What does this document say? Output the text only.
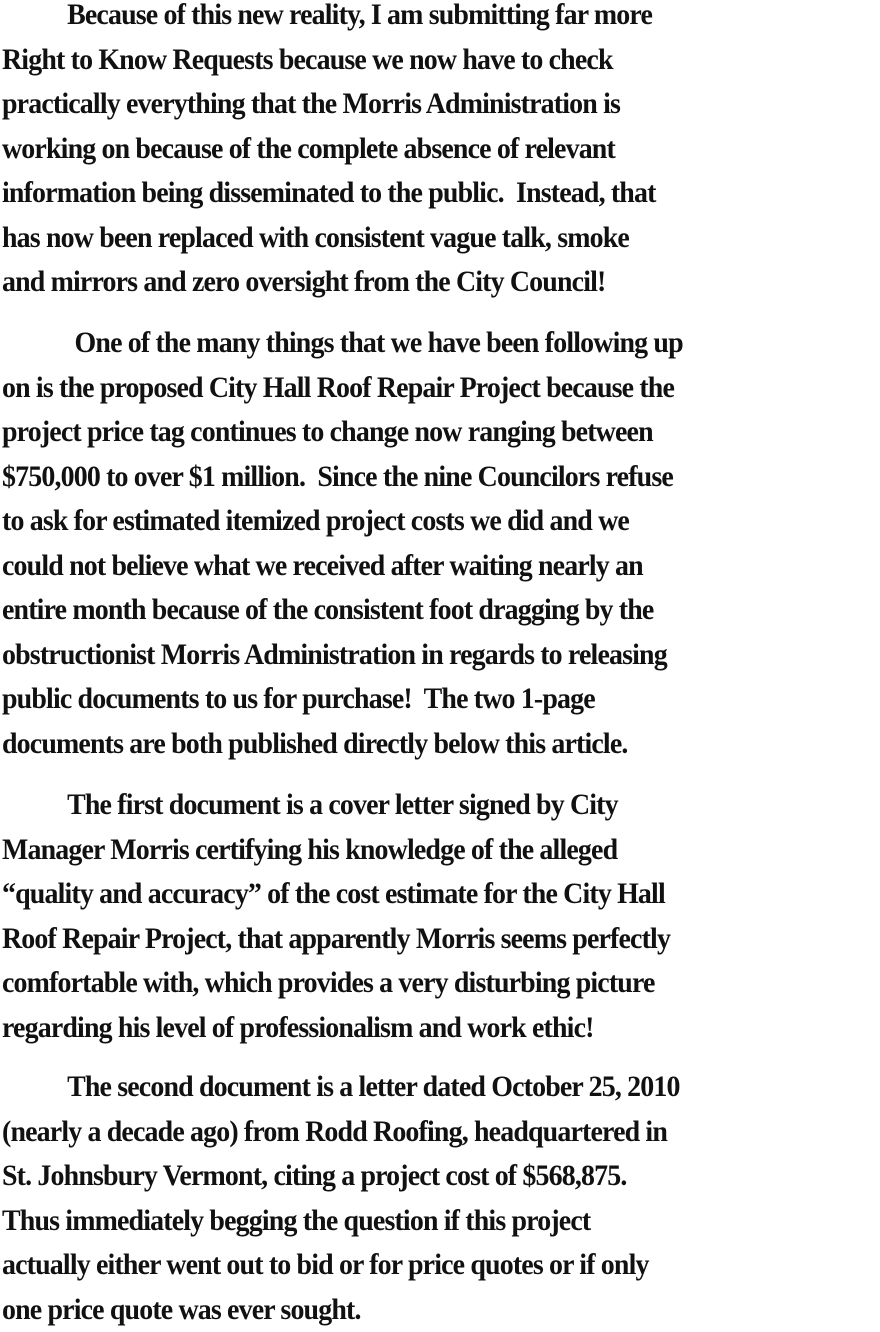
Because of this new reality, I am submitting far more
Right to Know Requests because we now have to check
practically everything that the Morris Administration is
working on because of the complete absence of relevant
information being disseminated to the public.  Instead, that
has now been replaced with consistent vague talk, smoke
and mirrors and zero oversight from the City Council!
One of the many things that we have been following up
on is the proposed City Hall Roof Repair Project because the
project price tag continues to change now ranging between
$750,000 to over $1 million.  Since the nine Councilors refuse
to ask for estimated itemized project costs we did and we
could not believe what we received after waiting nearly an
entire month because of the consistent foot dragging by the
obstructionist Morris Administration in regards to releasing
public documents to us for purchase!  The two 1-page
documents are both published directly below this article.
The first document is a cover letter signed by City
Manager Morris certifying his knowledge of the alleged
“quality and accuracy” of the cost estimate for the City Hall
Roof Repair Project, that apparently Morris seems perfectly
comfortable with, which provides a very disturbing picture
regarding his level of professionalism and work ethic!
The second document is a letter dated October 25, 2010
(nearly a decade ago) from Rodd Roofing, headquartered in
St. Johnsbury Vermont, citing a project cost of $568,875.
Thus immediately begging the question if this project
actually either went out to bid or for price quotes or if only
one price quote was ever sought.
